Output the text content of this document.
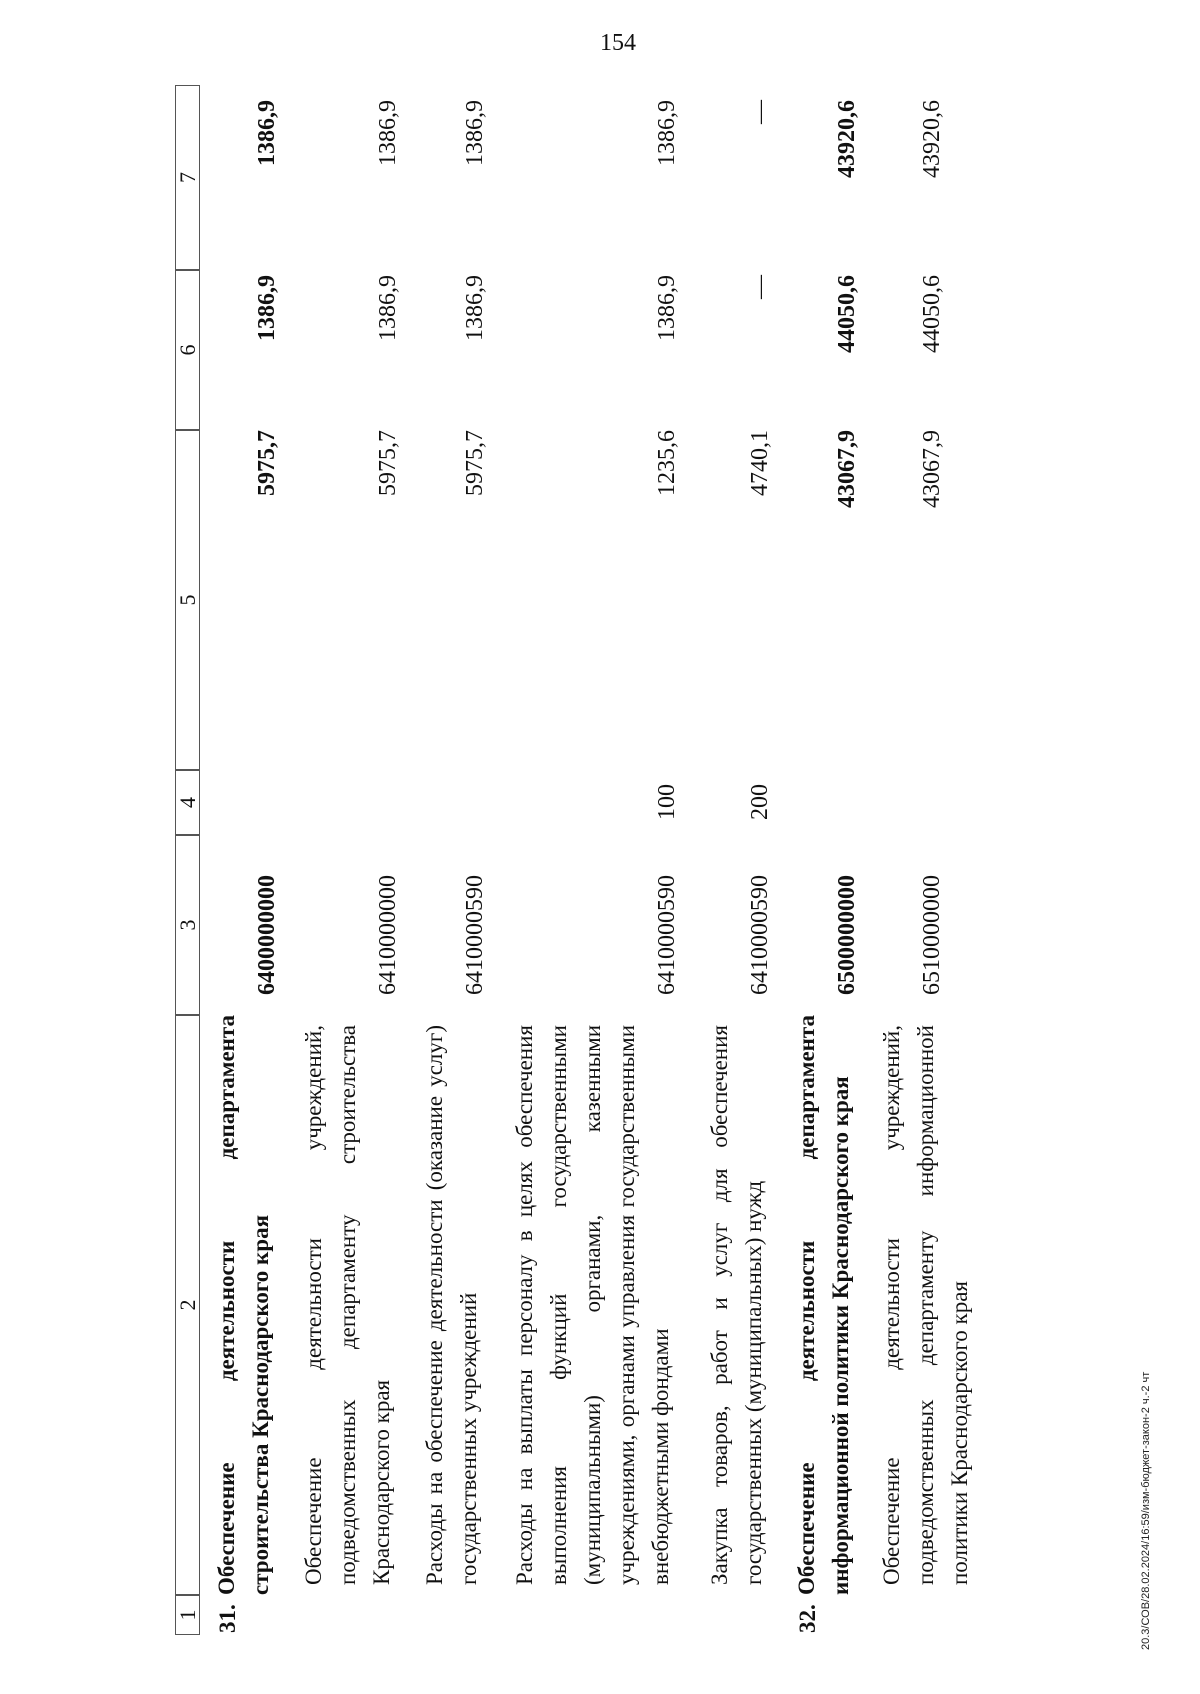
154
20.3/СОВ/28.02.2024/16:59/изм-бюджет-закон-2 ч.-2 чт
1
2
3
4
5
6
7
31.
Обеспечение деятельности департамента строительства Краснодарского края
6400000000
5975,7
1386,9
1386,9
Обеспечение деятельности учреждений, подведомственных департаменту строительства Краснодарского края
6410000000
5975,7
1386,9
1386,9
Расходы на обеспечение деятельности (оказание услуг) государственных учреждений
6410000590
5975,7
1386,9
1386,9
Расходы на выплаты персоналу в целях обеспечения выполнения функций государственными (муниципальными) органами, казенными учреждениями, органами управления государственными внебюджетными фондами
6410000590
100
1235,6
1386,9
1386,9
Закупка товаров, работ и услуг для обеспечения государственных (муниципальных) нужд
6410000590
200
4740,1
—
—
32.
Обеспечение деятельности департамента информационной политики Краснодарского края
6500000000
43067,9
44050,6
43920,6
Обеспечение деятельности учреждений, подведомственных департаменту информационной политики Краснодарского края
6510000000
43067,9
44050,6
43920,6
